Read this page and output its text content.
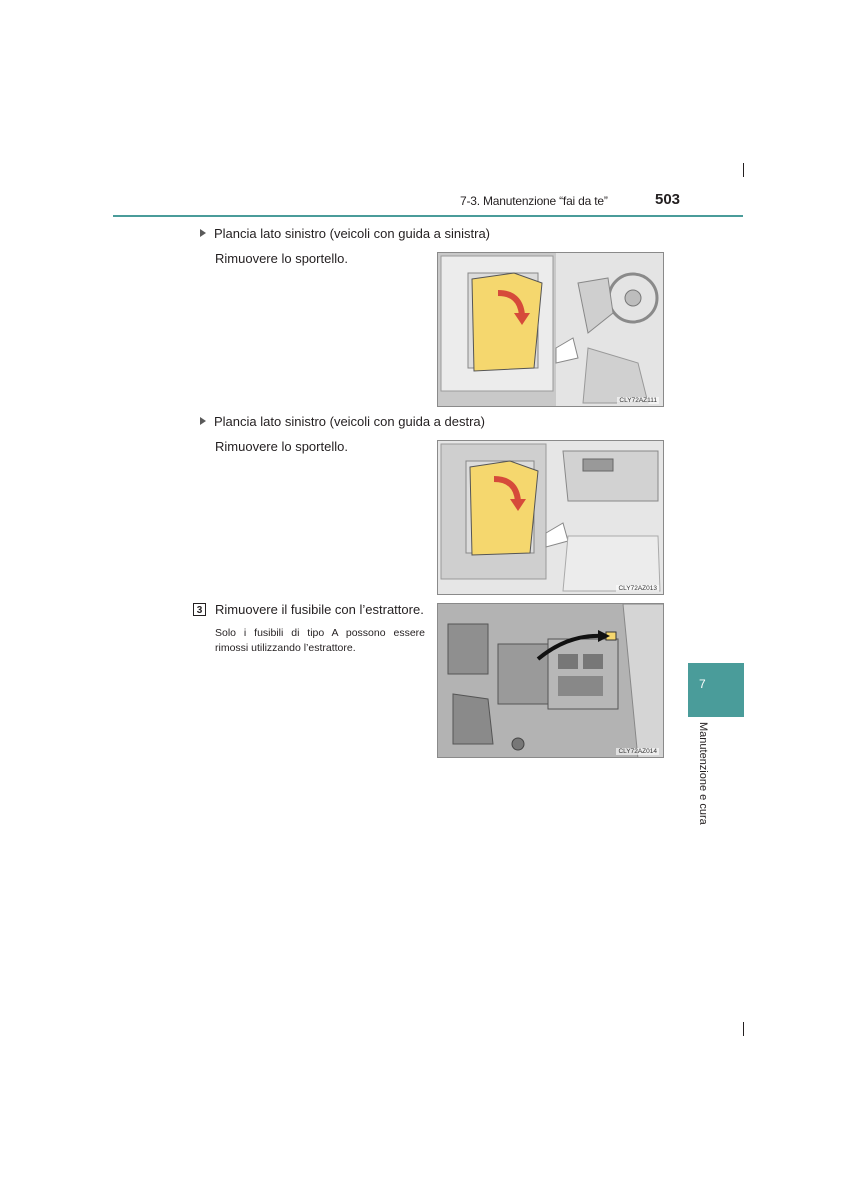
7-3. Manutenzione “fai da te”	503
Plancia lato sinistro (veicoli con guida a sinistra)
Rimuovere lo sportello.
CLY72AZ111
Plancia lato sinistro (veicoli con guida a destra)
Rimuovere lo sportello.
CLY72AZ013
3 Rimuovere il fusibile con l’estrattore.
Solo i fusibili di tipo A possono essere rimossi utilizzando l’estrattore.
CLY72AZ014
7
Manutenzione e cura
